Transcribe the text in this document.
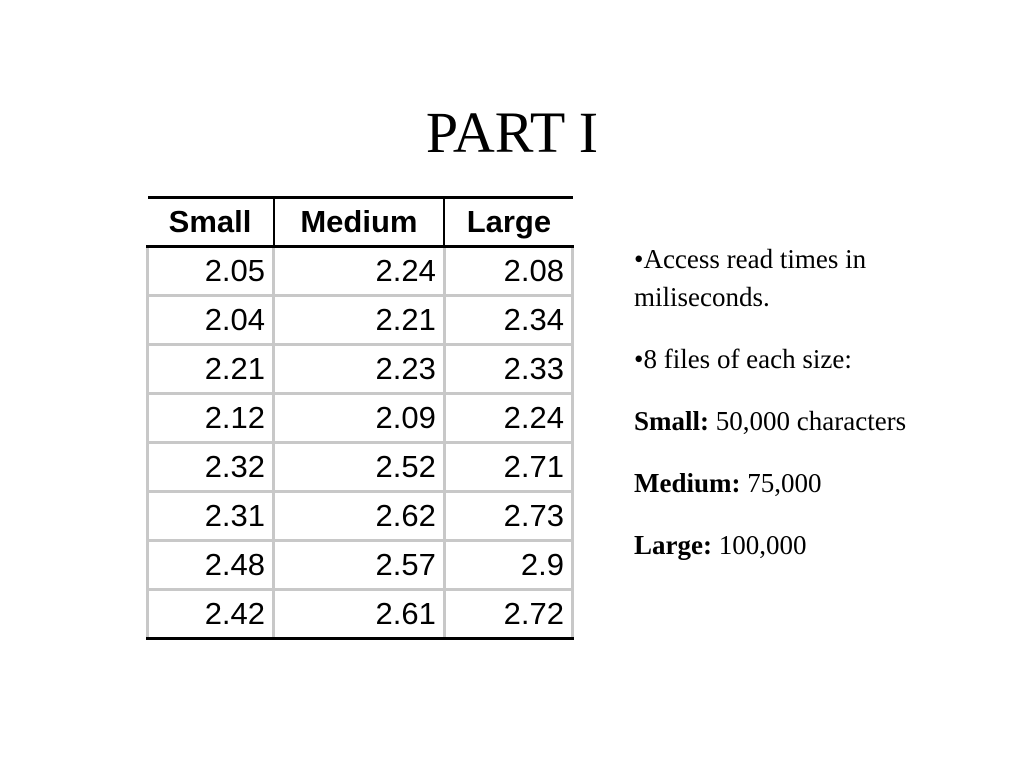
PART I
Small	Medium	Large
2.05	2.24	2.08
2.04	2.21	2.34
2.21	2.23	2.33
2.12	2.09	2.24
2.32	2.52	2.71
2.31	2.62	2.73
2.48	2.57	2.9
2.42	2.61	2.72

•Access read times in miliseconds.

•8 files of each size:

Small: 50,000 characters

Medium: 75,000

Large: 100,000
